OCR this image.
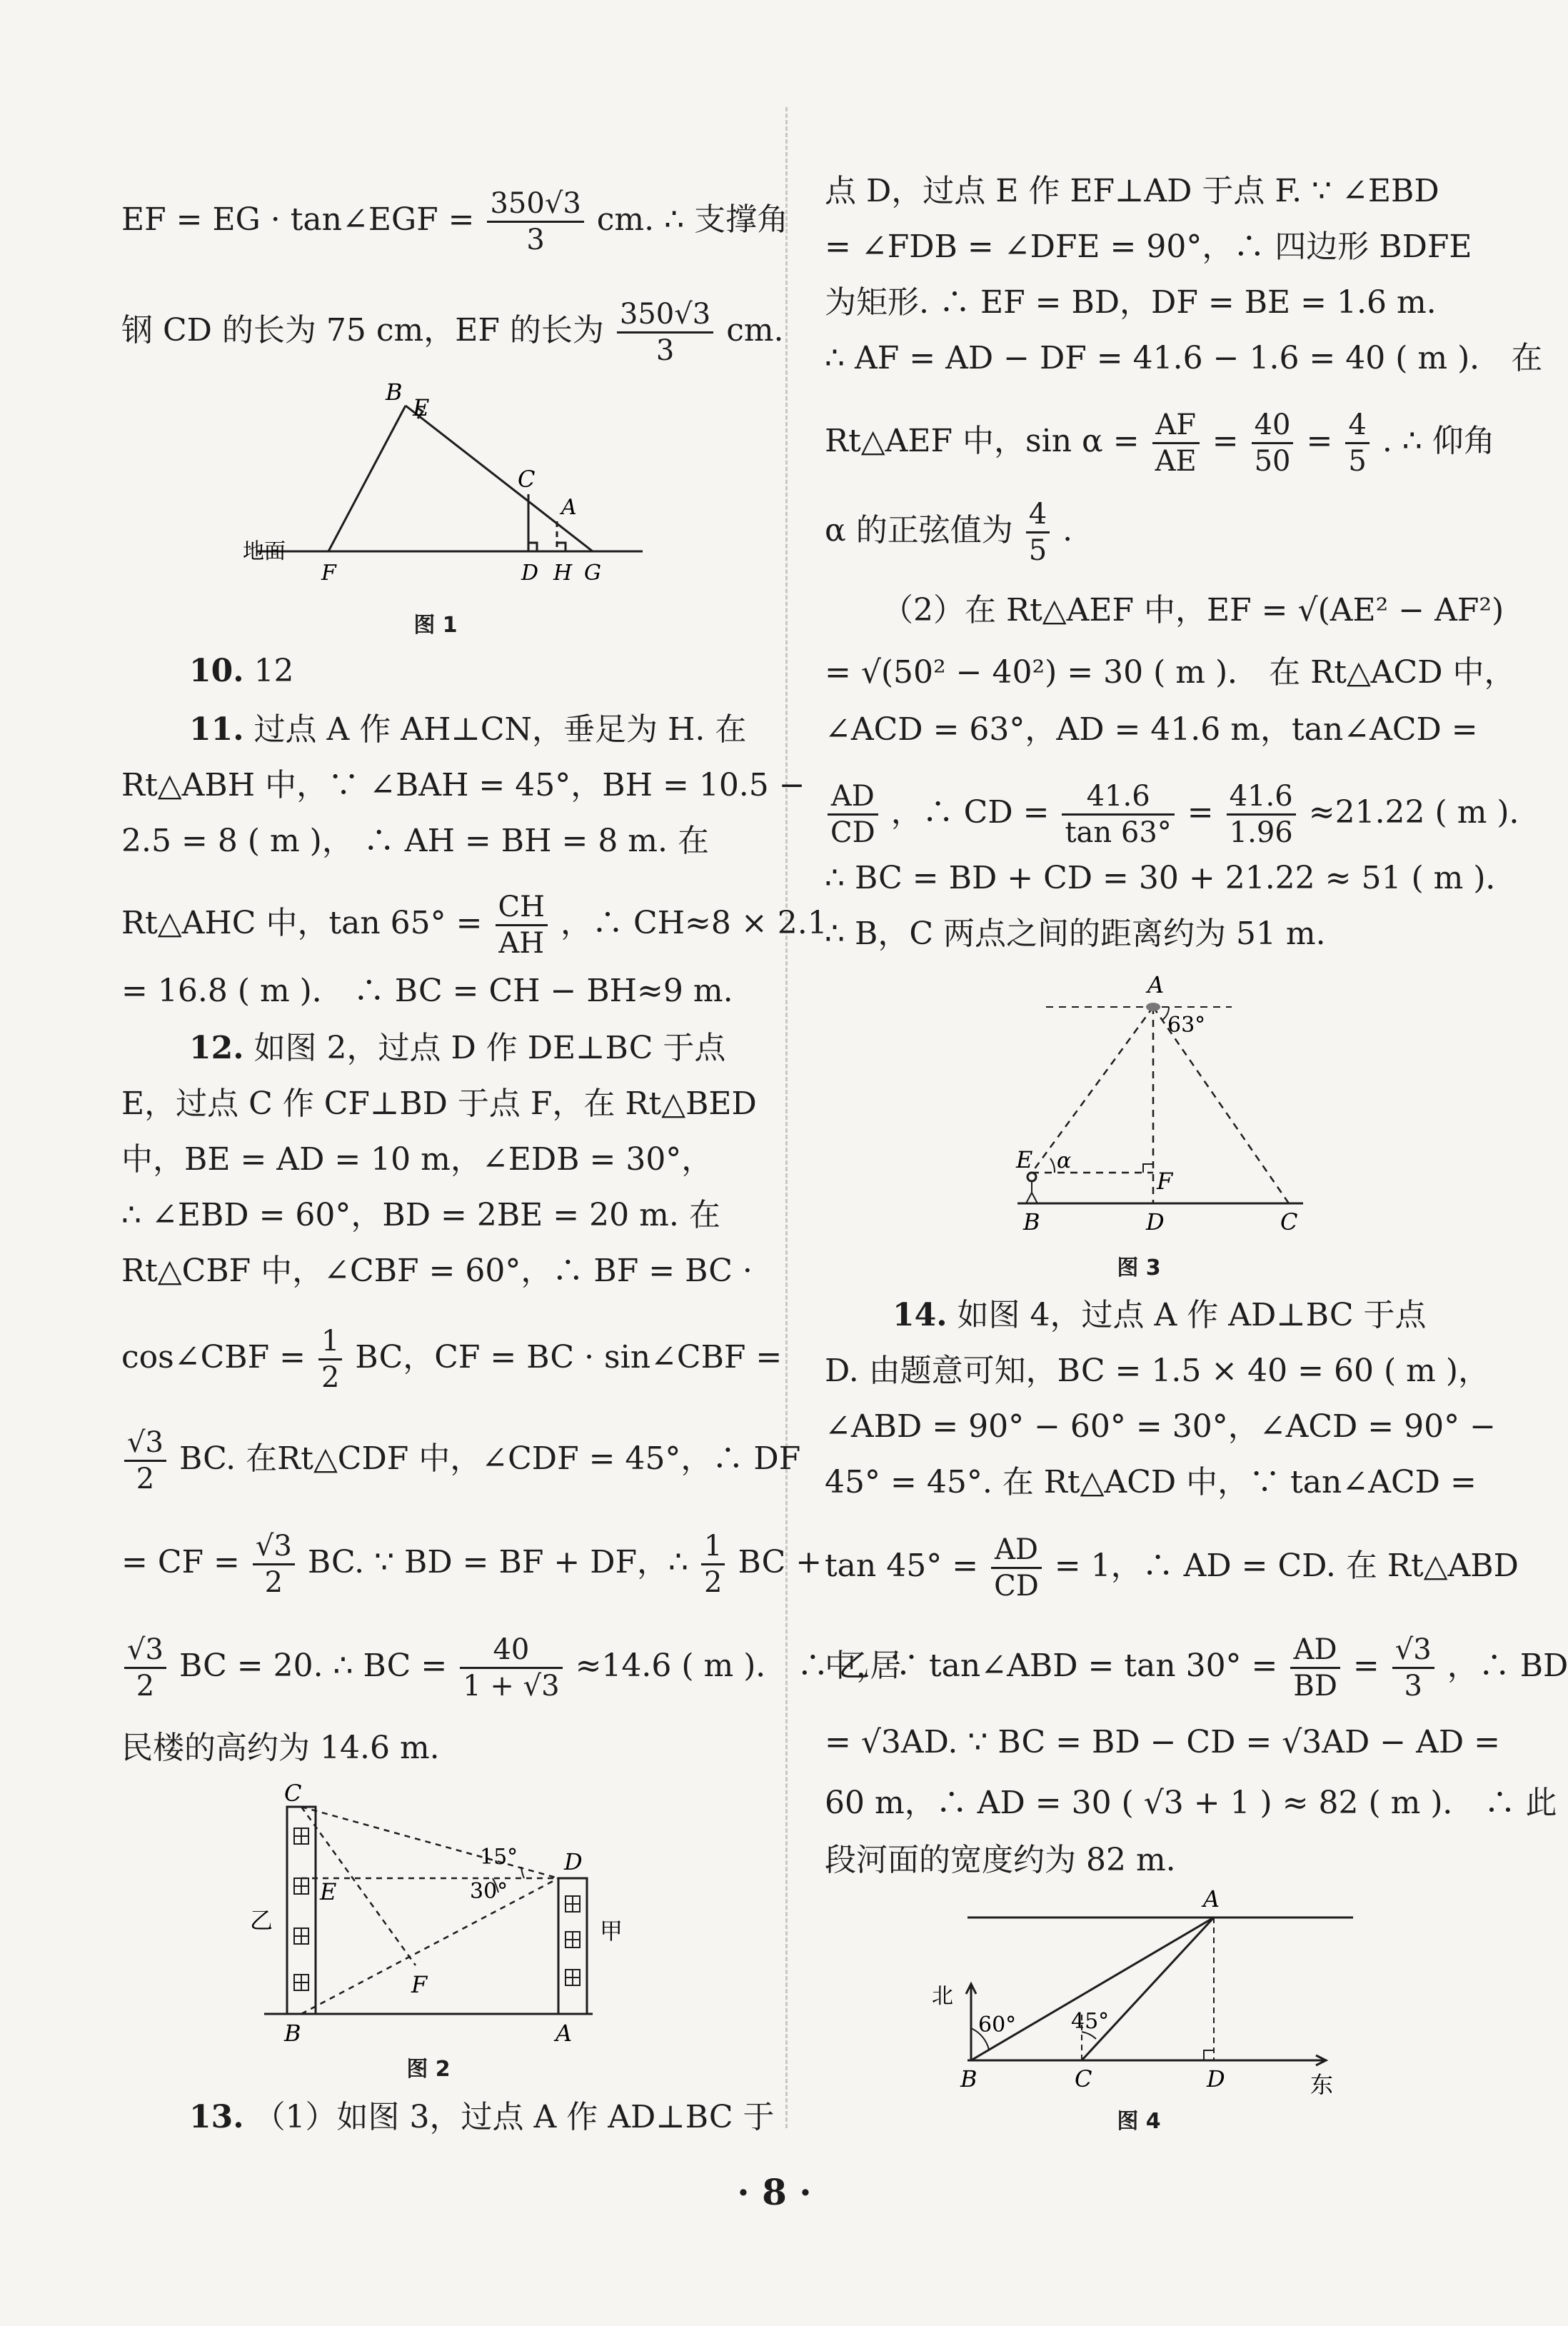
EF = EG · tan∠EGF = $\frac{350√3}{3}$ cm. ∴ 支撑角
钢 CD 的长为 75 cm，EF 的长为 $\frac{350√3}{3}$ cm.
B
E
C
A
地面
F	D H G
图 1
10. 12
11. 过点 A 作 AH⊥CN，垂足为 H. 在
Rt△ABH 中，∵ ∠BAH = 45°，BH = 10.5 −
2.5 = 8 ( m )， ∴ AH = BH = 8 m. 在
Rt△AHC 中，$\tan 65^\circ = \frac{CH}{AH}$ ，∴ CH≈8 × 2.1
= 16.8 ( m )． ∴ BC = CH − BH≈9 m.
12. 如图 2，过点 D 作 DE⊥BC 于点
E，过点 C 作 CF⊥BD 于点 F，在 Rt△BED
中，BE = AD = 10 m，∠EDB = 30°，
∴ ∠EBD = 60°，BD = 2BE = 20 m. 在
Rt△CBF 中，∠CBF = 60°，∴ BF = BC ·
cos∠CBF = $\frac{1}{2}$ BC，CF = BC · sin∠CBF =
$\frac{√3}{2}$ BC. 在Rt△CDF 中，∠CDF = 45°，∴ DF
= CF = $\frac{√3}{2}$ BC. ∵ BD = BF + DF，∴ $\frac{1}{2}$ BC +
$\frac{√3}{2}$ BC = 20. ∴ BC = $\frac{40}{1 + √3} \approx 14.6$ ( m )． ∴ 乙居
民楼的高约为 14.6 m.
C
D
E
F
B	A
乙	甲
15°
30°
图 2
13. （1）如图 3，过点 A 作 AD⊥BC 于
点 D，过点 E 作 EF⊥AD 于点 F. ∵ ∠EBD
= ∠FDB = ∠DFE = 90°，∴ 四边形 BDFE
为矩形. ∴ EF = BD，DF = BE = 1.6 m.
∴ AF = AD − DF = 41.6 − 1.6 = 40 ( m )． 在
Rt△AEF 中，$\sin \alpha = \frac{AF}{AE} = \frac{40}{50} = \frac{4}{5}$ . ∴ 仰角
α 的正弦值为 $\frac{4}{5}$ .
（2）在 Rt△AEF 中，EF = √(AE² − AF²)
= √(50² − 40²) = 30 ( m )． 在 Rt△ACD 中，
∠ACD = 63°，AD = 41.6 m，tan∠ACD =
$\frac{AD}{CD}$ ，∴ CD = $\frac{41.6}{\tan 63^\circ} = \frac{41.6}{1.96} \approx 21.22$ ( m )．
∴ BC = BD + CD = 30 + 21.22 ≈ 51 ( m )．
∴ B，C 两点之间的距离约为 51 m.
A
63°
E α
F
B	D	C
图 3
14. 如图 4，过点 A 作 AD⊥BC 于点
D. 由题意可知，BC = 1.5 × 40 = 60 ( m )，
∠ABD = 90° − 60° = 30°，∠ACD = 90° −
45° = 45°. 在 Rt△ACD 中，∵ tan∠ACD =
$\tan 45^\circ = \frac{AD}{CD} = 1$，∴ AD = CD. 在 Rt△ABD
中，∵ tan∠ABD = $\tan 30^\circ = \frac{AD}{BD} = \frac{√3}{3}$ ，∴ BD
= √3AD. ∵ BC = BD − CD = √3AD − AD =
60 m，∴ AD = 30 ( √3 + 1 ) ≈ 82 ( m )． ∴ 此
段河面的宽度约为 82 m.
A
北
60°	45°
B	C	D	东
图 4
· 8 ·
